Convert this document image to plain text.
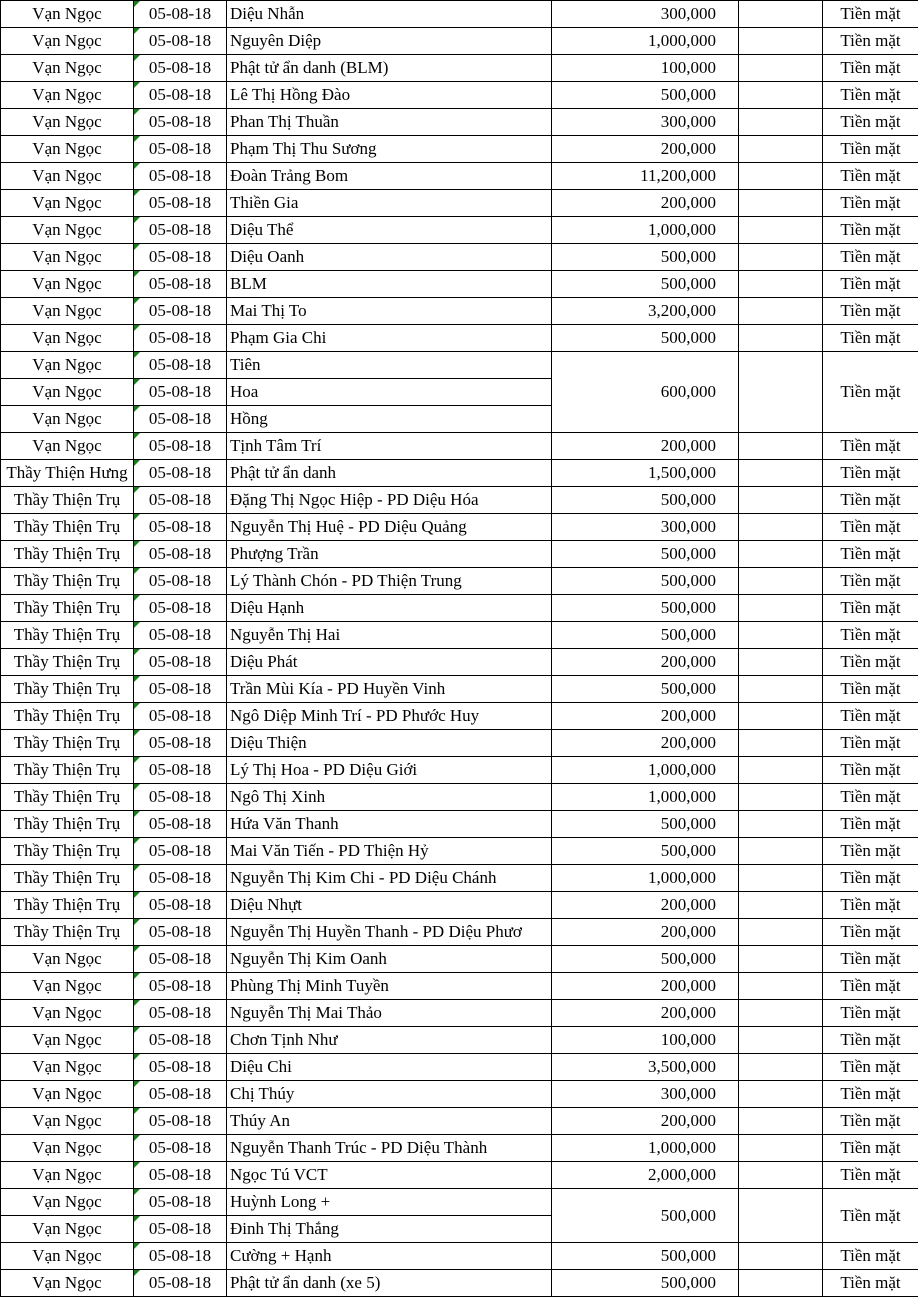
Vạn Ngọc	05-08-18	Diệu Nhẫn	300,000		Tiền mặt
Vạn Ngọc	05-08-18	Nguyên Diệp	1,000,000		Tiền mặt
Vạn Ngọc	05-08-18	Phật tử ẩn danh (BLM)	100,000		Tiền mặt
Vạn Ngọc	05-08-18	Lê Thị Hồng Đào	500,000		Tiền mặt
Vạn Ngọc	05-08-18	Phan Thị Thuần	300,000		Tiền mặt
Vạn Ngọc	05-08-18	Phạm Thị Thu Sương	200,000		Tiền mặt
Vạn Ngọc	05-08-18	Đoàn Trảng Bom	11,200,000		Tiền mặt
Vạn Ngọc	05-08-18	Thiền Gia	200,000		Tiền mặt
Vạn Ngọc	05-08-18	Diệu Thể	1,000,000		Tiền mặt
Vạn Ngọc	05-08-18	Diệu Oanh	500,000		Tiền mặt
Vạn Ngọc	05-08-18	BLM	500,000		Tiền mặt
Vạn Ngọc	05-08-18	Mai Thị To	3,200,000		Tiền mặt
Vạn Ngọc	05-08-18	Phạm Gia Chi	500,000		Tiền mặt
Vạn Ngọc	05-08-18	Tiên	600,000		Tiền mặt
Vạn Ngọc	05-08-18	Hoa			
Vạn Ngọc	05-08-18	Hồng			
Vạn Ngọc	05-08-18	Tịnh Tâm Trí	200,000		Tiền mặt
Thầy Thiện Hưng	05-08-18	Phật tử ẩn danh	1,500,000		Tiền mặt
Thầy Thiện Trụ	05-08-18	Đặng Thị Ngọc Hiệp - PD Diệu Hóa	500,000		Tiền mặt
Thầy Thiện Trụ	05-08-18	Nguyễn Thị Huệ - PD Diệu Quảng	300,000		Tiền mặt
Thầy Thiện Trụ	05-08-18	Phượng Trần	500,000		Tiền mặt
Thầy Thiện Trụ	05-08-18	Lý Thành Chón - PD Thiện Trung	500,000		Tiền mặt
Thầy Thiện Trụ	05-08-18	Diệu Hạnh	500,000		Tiền mặt
Thầy Thiện Trụ	05-08-18	Nguyễn Thị Hai	500,000		Tiền mặt
Thầy Thiện Trụ	05-08-18	Diệu Phát	200,000		Tiền mặt
Thầy Thiện Trụ	05-08-18	Trần Mùi Kía - PD Huyền Vinh	500,000		Tiền mặt
Thầy Thiện Trụ	05-08-18	Ngô Diệp Minh Trí - PD Phước Huy	200,000		Tiền mặt
Thầy Thiện Trụ	05-08-18	Diệu Thiện	200,000		Tiền mặt
Thầy Thiện Trụ	05-08-18	Lý Thị Hoa - PD Diệu Giới	1,000,000		Tiền mặt
Thầy Thiện Trụ	05-08-18	Ngô Thị Xinh	1,000,000		Tiền mặt
Thầy Thiện Trụ	05-08-18	Hứa Văn Thanh	500,000		Tiền mặt
Thầy Thiện Trụ	05-08-18	Mai Văn Tiến - PD Thiện Hỷ	500,000		Tiền mặt
Thầy Thiện Trụ	05-08-18	Nguyễn Thị Kim Chi - PD Diệu Chánh	1,000,000		Tiền mặt
Thầy Thiện Trụ	05-08-18	Diệu Nhựt	200,000		Tiền mặt
Thầy Thiện Trụ	05-08-18	Nguyễn Thị Huyền Thanh - PD Diệu Phươ	200,000		Tiền mặt
Vạn Ngọc	05-08-18	Nguyễn Thị Kim Oanh	500,000		Tiền mặt
Vạn Ngọc	05-08-18	Phùng Thị Minh Tuyền	200,000		Tiền mặt
Vạn Ngọc	05-08-18	Nguyễn Thị Mai Thảo	200,000		Tiền mặt
Vạn Ngọc	05-08-18	Chơn Tịnh Như	100,000		Tiền mặt
Vạn Ngọc	05-08-18	Diệu Chi	3,500,000		Tiền mặt
Vạn Ngọc	05-08-18	Chị Thúy	300,000		Tiền mặt
Vạn Ngọc	05-08-18	Thúy An	200,000		Tiền mặt
Vạn Ngọc	05-08-18	Nguyễn Thanh Trúc - PD Diệu Thành	1,000,000		Tiền mặt
Vạn Ngọc	05-08-18	Ngọc Tú VCT	2,000,000		Tiền mặt
Vạn Ngọc	05-08-18	Huỳnh Long +	500,000		Tiền mặt
Vạn Ngọc	05-08-18	Đinh Thị Thắng			
Vạn Ngọc	05-08-18	Cường + Hạnh	500,000		Tiền mặt
Vạn Ngọc	05-08-18	Phật tử ẩn danh (xe 5)	500,000		Tiền mặt
